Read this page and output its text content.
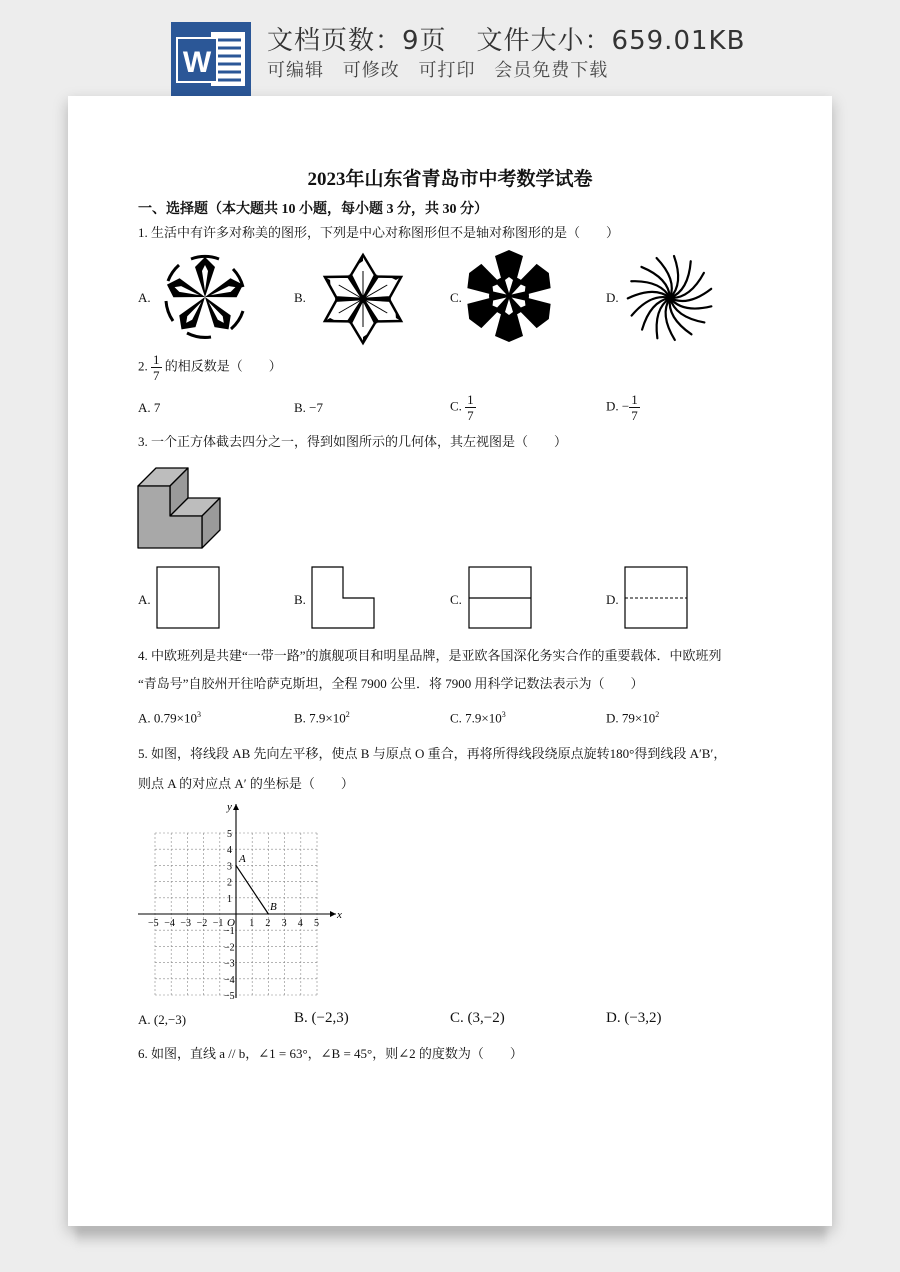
W
文档页数：9页 文件大小：659.01KB
可编辑 可修改 可打印 会员免费下载
2023年山东省青岛市中考数学试卷
一、选择题（本大题共 10 小题，每小题 3 分，共 30 分）
1. 生活中有许多对称美的图形，下列是中心对称图形但不是轴对称图形的是（　　）
A.	B.	C.	D.
2. $\frac{1}{7}$ 的相反数是（　　）
A. 7	B. −7	C. $\frac{1}{7}$	D. − $\frac{1}{7}$
3. 一个正方体截去四分之一，得到如图所示的几何体，其左视图是（　　）
A.	B.	C.	D.
4. 中欧班列是共建“一带一路”的旗舰项目和明星品牌，是亚欧各国深化务实合作的重要载体．中欧班列
“青岛号”自胶州开往哈萨克斯坦，全程 7900 公里．将 7900 用科学记数法表示为（　　）
A. $0.79\times 10^3$	B. $7.9\times 10^2$	C. $7.9\times 10^3$	D. $79\times 10^2$
5. 如图，将线段 AB 先向左平移，使点 B 与原点 O 重合，再将所得线段绕原点旋转180°得到线段 A′B′，
则点 A 的对应点 A′ 的坐标是（　　）
−5 −4 −3 −2 −1	1 2 3 4 5
5
4
3
2
1
−1
−2
−3
−4
−5
x
y
O
A
B
A. (2,−3)	B. (−2,3)	C. (3,−2)	D. (−3,2)
6. 如图，直线 a // b，∠1 = 63°，∠B = 45°，则∠2 的度数为（　　）
